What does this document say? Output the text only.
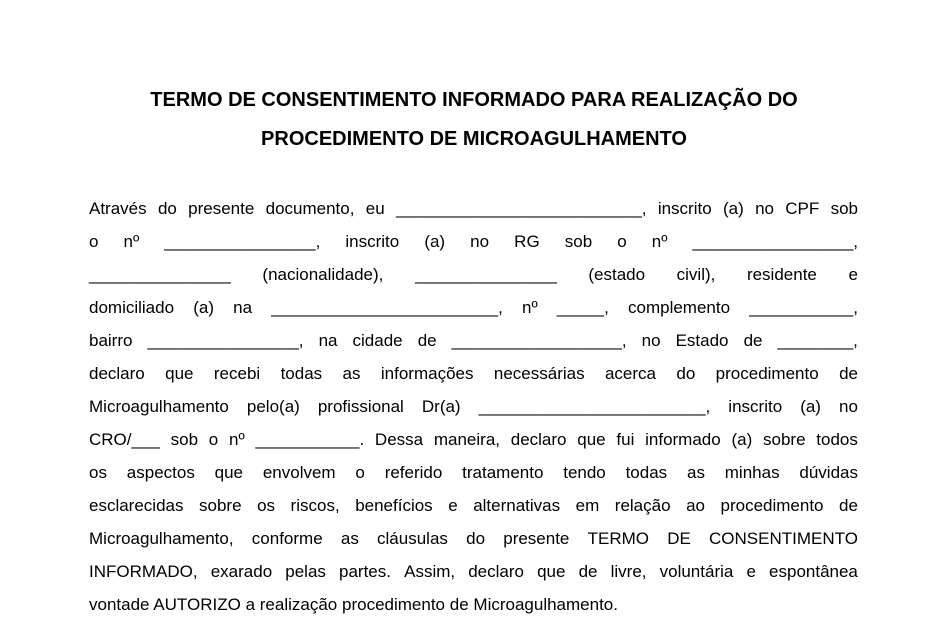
TERMO DE CONSENTIMENTO INFORMADO PARA REALIZAÇÃO DO
PROCEDIMENTO DE MICROAGULHAMENTO
Através do presente documento, eu __________________________, inscrito (a) no CPF sob
o nº ________________, inscrito (a) no RG sob o nº _________________,
_______________ (nacionalidade), _______________ (estado civil), residente e
domiciliado (a) na ________________________, nº _____, complemento ___________,
bairro ________________, na cidade de __________________, no Estado de ________,
declaro que recebi todas as informações necessárias acerca do procedimento de
Microagulhamento pelo(a) profissional Dr(a) ________________________, inscrito (a) no
CRO/___ sob o nº ___________. Dessa maneira, declaro que fui informado (a) sobre todos
os aspectos que envolvem o referido tratamento tendo todas as minhas dúvidas
esclarecidas sobre os riscos, benefícios e alternativas em relação ao procedimento de
Microagulhamento, conforme as cláusulas do presente TERMO DE CONSENTIMENTO
INFORMADO, exarado pelas partes. Assim, declaro que de livre, voluntária e espontânea
vontade AUTORIZO a realização procedimento de Microagulhamento.
